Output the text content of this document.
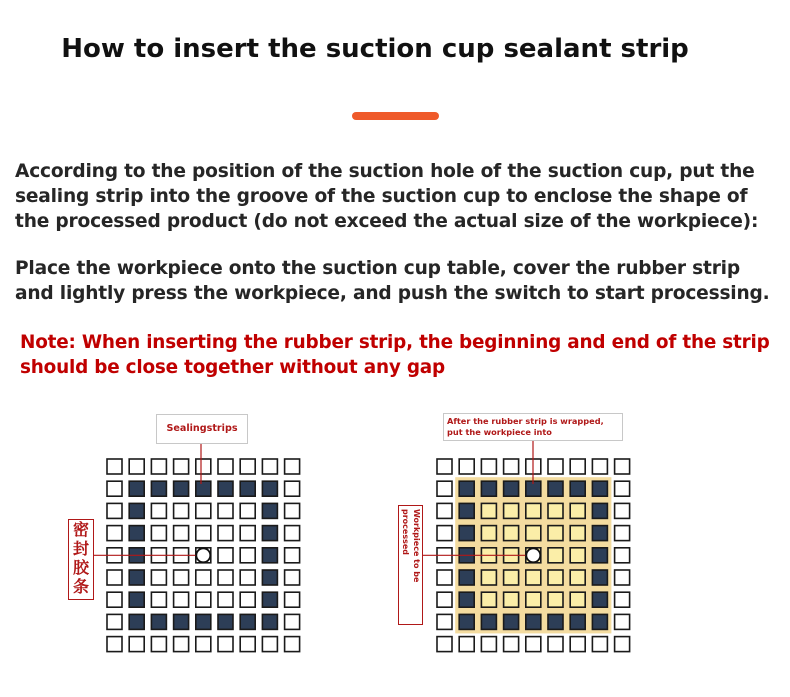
How to insert the suction cup sealant strip
According to the position of the suction hole of the suction cup, put the sealing strip into the groove of the suction cup to enclose the shape of the processed product (do not exceed the actual size of the workpiece):
Place the workpiece onto the suction cup table, cover the rubber strip and lightly press the workpiece, and push the switch to start processing.
Note: When inserting the rubber strip, the beginning and end of the strip should be close together without any gap
Sealingstrips
After the rubber strip is wrapped, put the workpiece into
密封胶条
Workpiece to be processed
